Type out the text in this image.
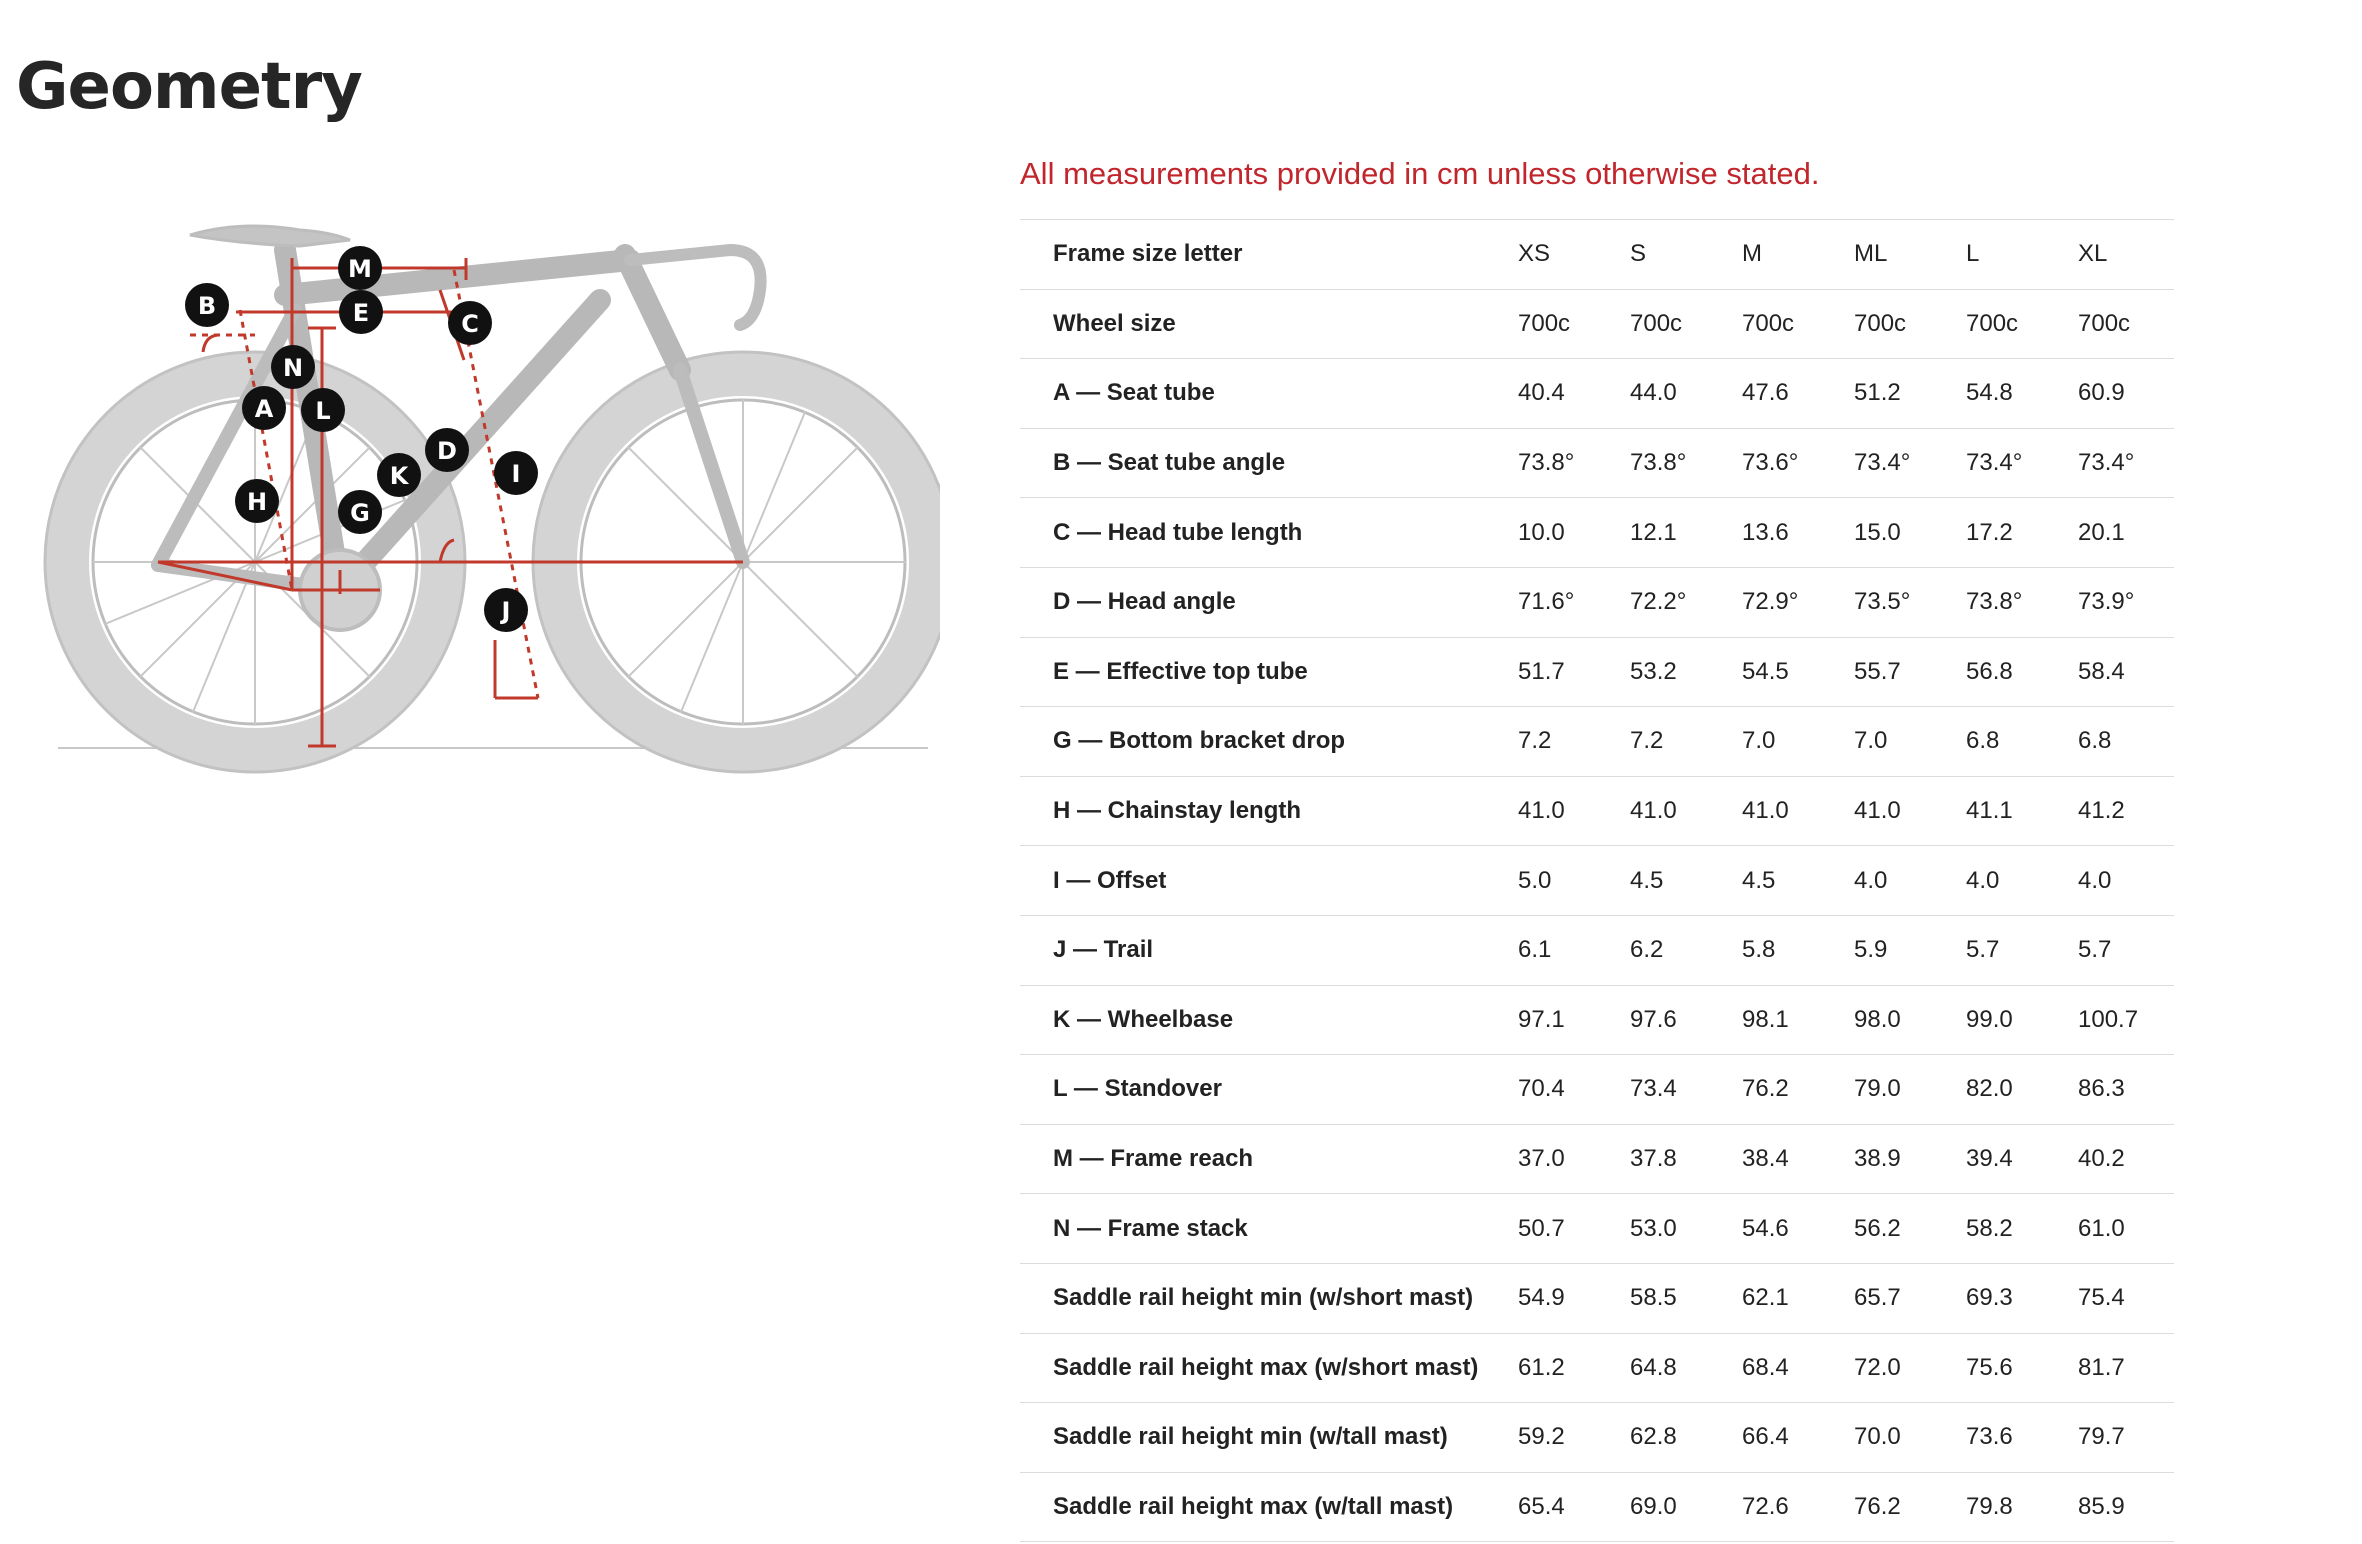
Geometry
M
B	E	C
N
L
A
D
K	I
H	G
J

All measurements provided in cm unless otherwise stated.

Frame size letter	XS	S	M	ML	L	XL
Wheel size	700c	700c	700c	700c	700c	700c
A — Seat tube	40.4	44.0	47.6	51.2	54.8	60.9
B — Seat tube angle	73.8°	73.8°	73.6°	73.4°	73.4°	73.4°
C — Head tube length	10.0	12.1	13.6	15.0	17.2	20.1
D — Head angle	71.6°	72.2°	72.9°	73.5°	73.8°	73.9°
E — Effective top tube	51.7	53.2	54.5	55.7	56.8	58.4
G — Bottom bracket drop	7.2	7.2	7.0	7.0	6.8	6.8
H — Chainstay length	41.0	41.0	41.0	41.0	41.1	41.2
I — Offset	5.0	4.5	4.5	4.0	4.0	4.0
J — Trail	6.1	6.2	5.8	5.9	5.7	5.7
K — Wheelbase	97.1	97.6	98.1	98.0	99.0	100.7
L — Standover	70.4	73.4	76.2	79.0	82.0	86.3
M — Frame reach	37.0	37.8	38.4	38.9	39.4	40.2
N — Frame stack	50.7	53.0	54.6	56.2	58.2	61.0
Saddle rail height min (w/short mast)	54.9	58.5	62.1	65.7	69.3	75.4
Saddle rail height max (w/short mast)	61.2	64.8	68.4	72.0	75.6	81.7
Saddle rail height min (w/tall mast)	59.2	62.8	66.4	70.0	73.6	79.7
Saddle rail height max (w/tall mast)	65.4	69.0	72.6	76.2	79.8	85.9
